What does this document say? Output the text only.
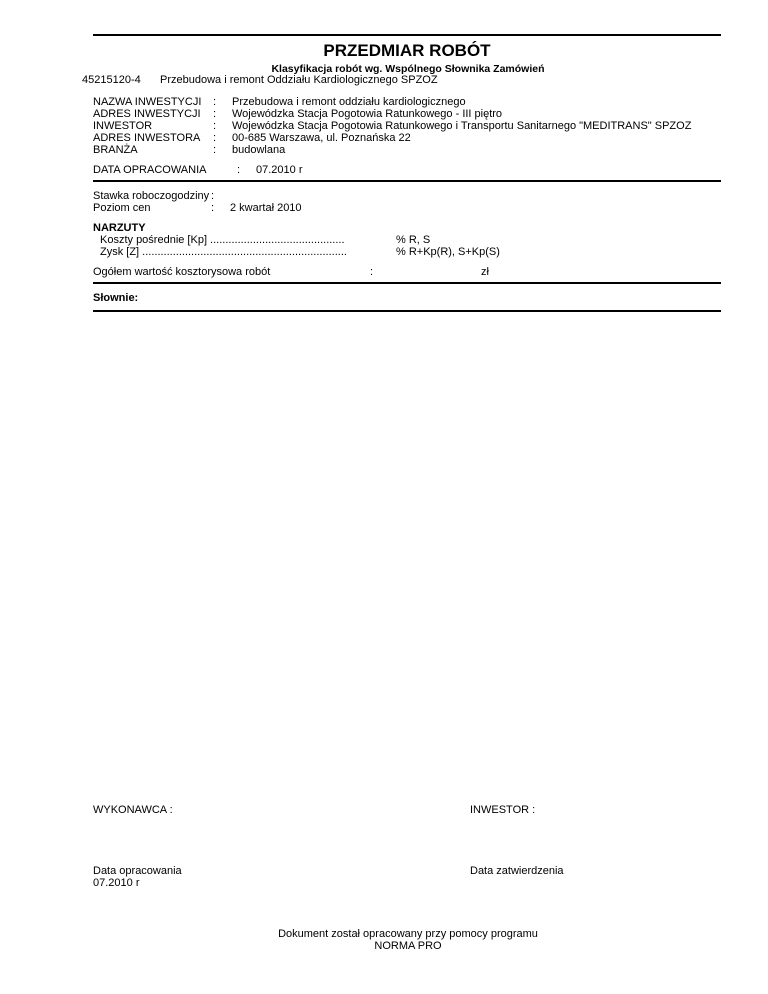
PRZEDMIAR ROBÓT
Klasyfikacja robót wg. Wspólnego Słownika Zamówień
45215120-4 Przebudowa i remont Oddziału Kardiologicznego SPZOZ
NAZWA INWESTYCJI : Przebudowa i remont oddziału kardiologicznego
ADRES INWESTYCJI : Wojewódzka Stacja Pogotowia Ratunkowego - III piętro
INWESTOR	: Wojewódzka Stacja Pogotowia Ratunkowego i Transportu Sanitarnego "MEDITRANS" SPZOZ
ADRES INWESTORA : 00-685 Warszawa, ul. Poznańska 22
BRANŻA	: budowlana
DATA OPRACOWANIA	: 07.2010 r
Stawka roboczogodziny :
Poziom cen	: 2 kwartał 2010
NARZUTY
Koszty pośrednie [Kp] ............................................	% R, S
Zysk [Z] ...................................................................	% R+Kp(R), S+Kp(S)
Ogółem wartość kosztorysowa robót	:	zł
Słownie:
WYKONAWCA :	INWESTOR :
Data opracowania
07.2010 r
Data zatwierdzenia
Dokument został opracowany przy pomocy programu
NORMA PRO
